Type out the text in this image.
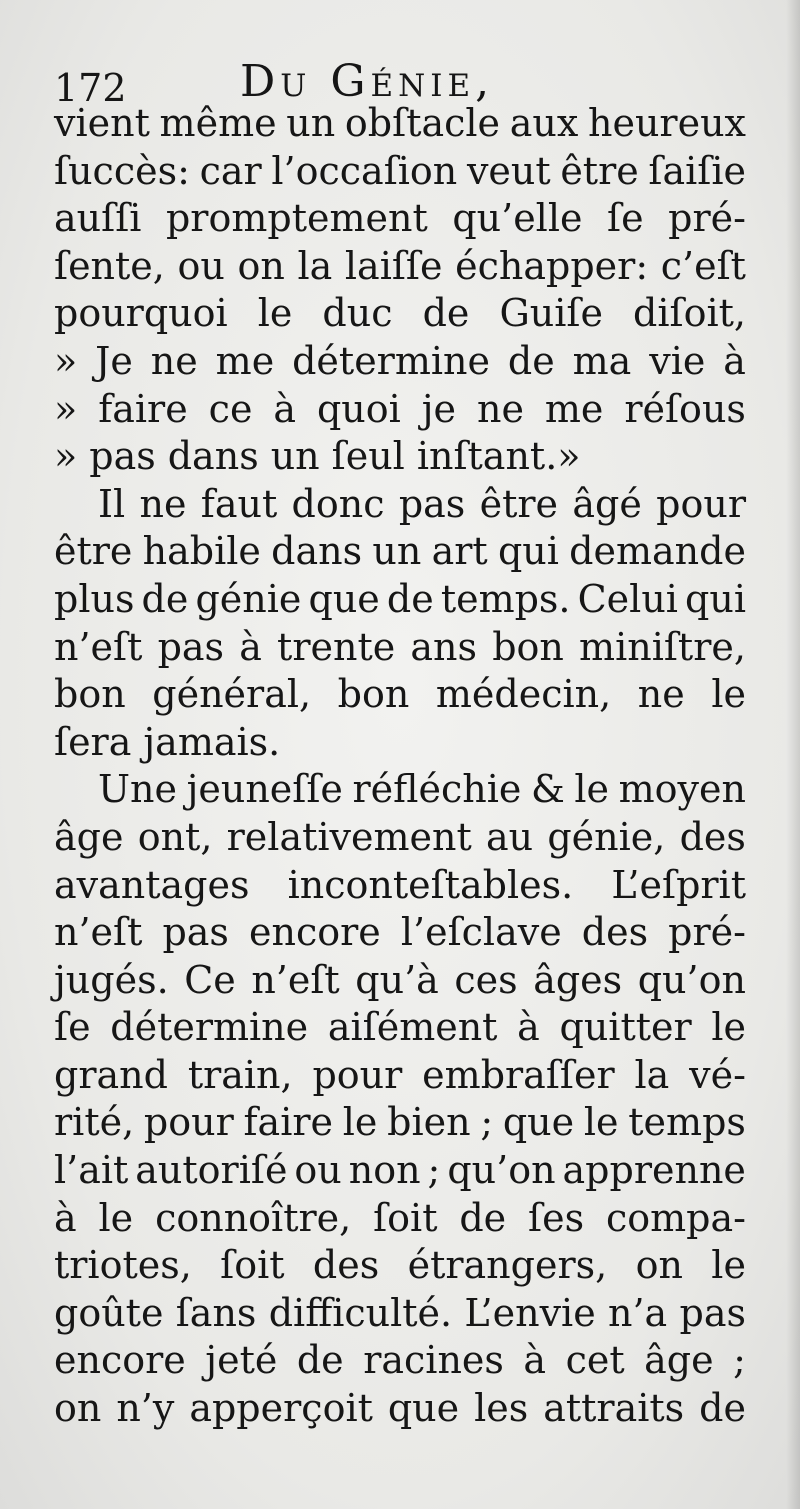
172	Du Génie,
vient même un obſtacle aux heureux
ſuccès: car l’occaſion veut être ſaiſie
auſſi promptement qu’elle ſe pré-
ſente, ou on la laiſſe échapper: c’eſt
pourquoi le duc de Guiſe diſoit,
» Je ne me détermine de ma vie à
» faire ce à quoi je ne me réſous
» pas dans un ſeul inſtant.»
Il ne faut donc pas être âgé pour
être habile dans un art qui demande
plus de génie que de temps. Celui qui
n’eſt pas à trente ans bon miniſtre,
bon général, bon médecin, ne le
ſera jamais.
Une jeuneſſe réfléchie & le moyen
âge ont, relativement au génie, des
avantages inconteſtables. L’eſprit
n’eſt pas encore l’eſclave des pré-
jugés. Ce n’eſt qu’à ces âges qu’on
ſe détermine aiſément à quitter le
grand train, pour embraſſer la vé-
rité, pour faire le bien ; que le temps
l’ait autoriſé ou non ; qu’on apprenne
à le connoître, ſoit de ſes compa-
triotes, ſoit des étrangers, on le
goûte ſans difficulté. L’envie n’a pas
encore jeté de racines à cet âge ;
on n’y apperçoit que les attraits de
